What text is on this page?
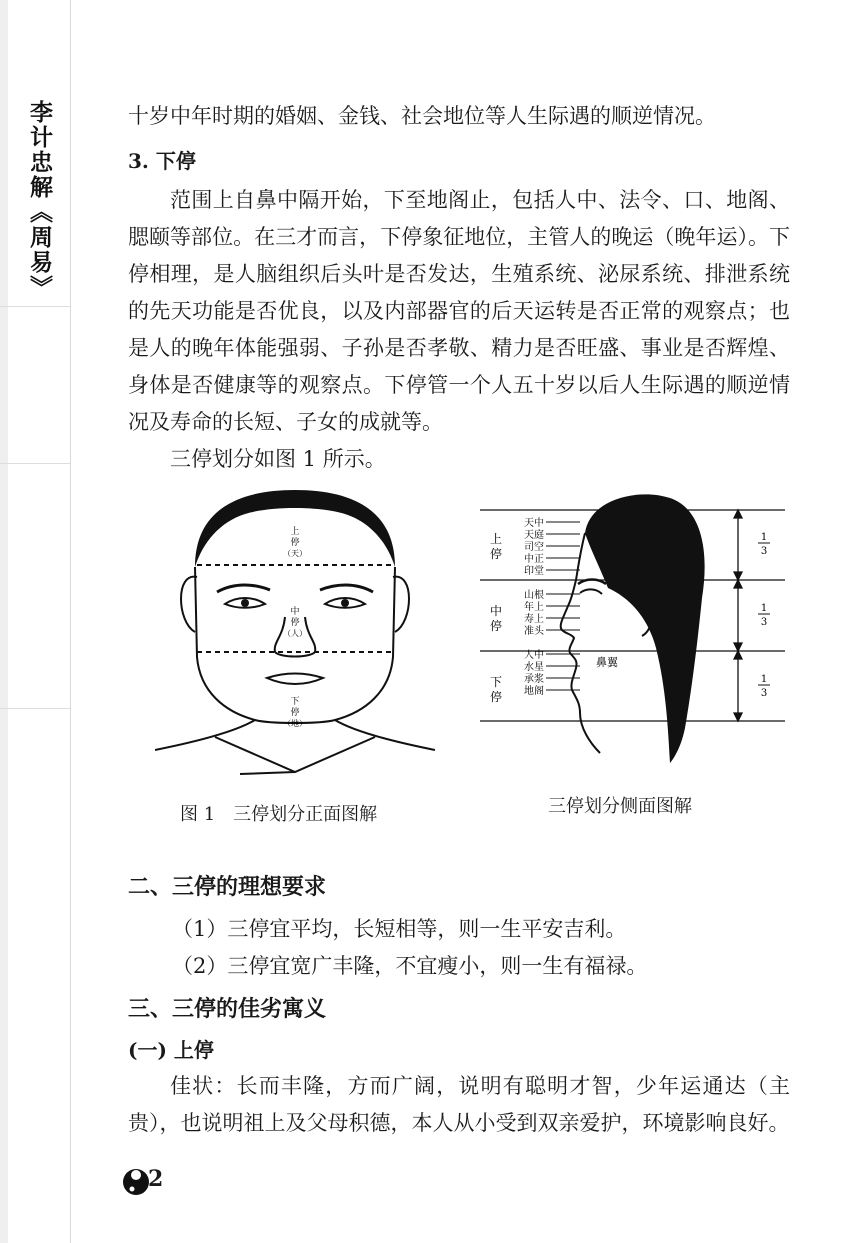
李计忠解《周易》	十岁中年时期的婚姻、金钱、社会地位等人生际遇的顺逆情况。

3. 下停

范围上自鼻中隔开始，下至地阁止，包括人中、法令、口、地阁、腮颐等部位。在三才而言，下停象征地位，主管人的晚运（晚年运）。下停相理，是人脑组织后头叶是否发达，生殖系统、泌尿系统、排泄系统的先天功能是否优良，以及内部器官的后天运转是否正常的观察点；也是人的晚年体能强弱、子孙是否孝敬、精力是否旺盛、事业是否辉煌、身体是否健康等的观察点。下停管一个人五十岁以后人生际遇的顺逆情况及寿命的长短、子女的成就等。

三停划分如图 1 所示。

上
停
（天）
中
停
（人）
下
停
（地）
上
停
中
停
下
停
天中
天庭
司空
中正
印堂
山根
年上
寿上
准头
人中
水星
承浆
地阁
鼻翼
1
3
1
3
1
3

图 1　三停划分正面图解	三停划分侧面图解

二、三停的理想要求

（1）三停宜平均，长短相等，则一生平安吉利。

（2）三停宜宽广丰隆，不宜瘦小，则一生有福禄。

三、三停的佳劣寓义

(一) 上停

佳状：长而丰隆，方而广阔，说明有聪明才智，少年运通达（主贵），也说明祖上及父母积德，本人从小受到双亲爱护，环境影响良好。

2
